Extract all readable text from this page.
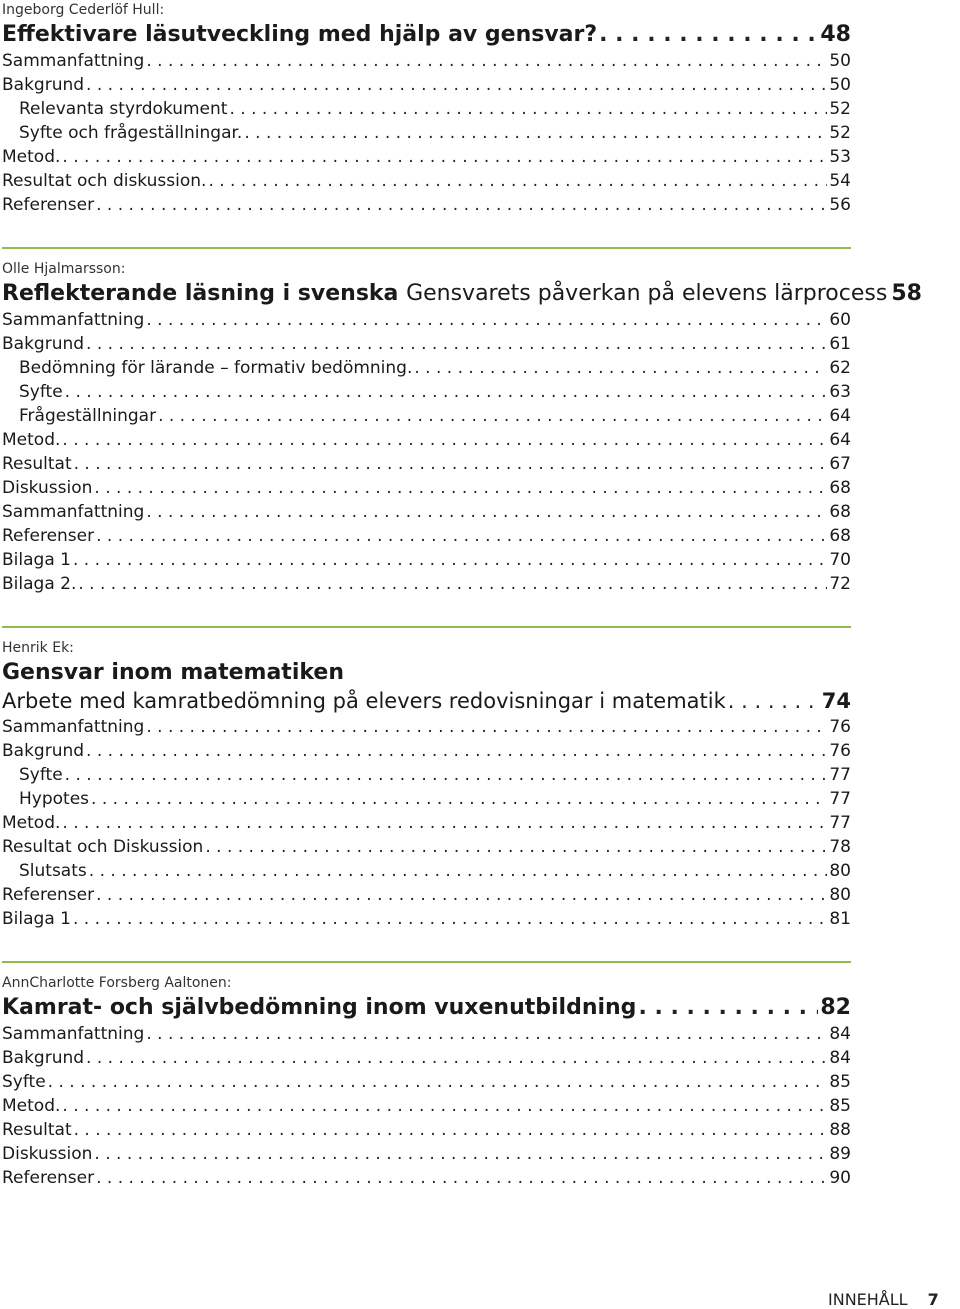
Ingeborg Cederlöf Hull:
Effektivare läsutveckling med hjälp av gensvar? . . .	48
Sammanfattning . . .	50
Bakgrund . . .	50
Relevanta styrdokument . . .	52
Syfte och frågeställningar. . . .	52
Metod. . . .	53
Resultat och diskussion. . . .	54
Referenser . . .	56
Olle Hjalmarsson:
Reflekterande läsning i svenska Gensvarets påverkan på elevens lärprocess 58
Sammanfattning . . .	60
Bakgrund . . .	61
Bedömning för lärande – formativ bedömning. . . .	62
Syfte . . .	63
Frågeställningar . . .	64
Metod. . . .	64
Resultat . . .	67
Diskussion . . .	68
Sammanfattning . . .	68
Referenser . . .	68
Bilaga 1 . . .	70
Bilaga 2. . . .	72
Henrik Ek:
Gensvar inom matematiken
Arbete med kamratbedömning på elevers redovisningar i matematik . . .	74
Sammanfattning . . .	76
Bakgrund . . .	76
Syfte . . .	77
Hypotes . . .	77
Metod. . . .	77
Resultat och Diskussion . . .	78
Slutsats . . .	80
Referenser . . .	80
Bilaga 1 . . .	81
AnnCharlotte Forsberg Aaltonen:
Kamrat- och självbedömning inom vuxenutbildning . . .	82
Sammanfattning . . .	84
Bakgrund . . .	84
Syfte . . .	85
Metod. . . .	85
Resultat . . .	88
Diskussion . . .	89
Referenser . . .	90
INNEHÅLL 7
